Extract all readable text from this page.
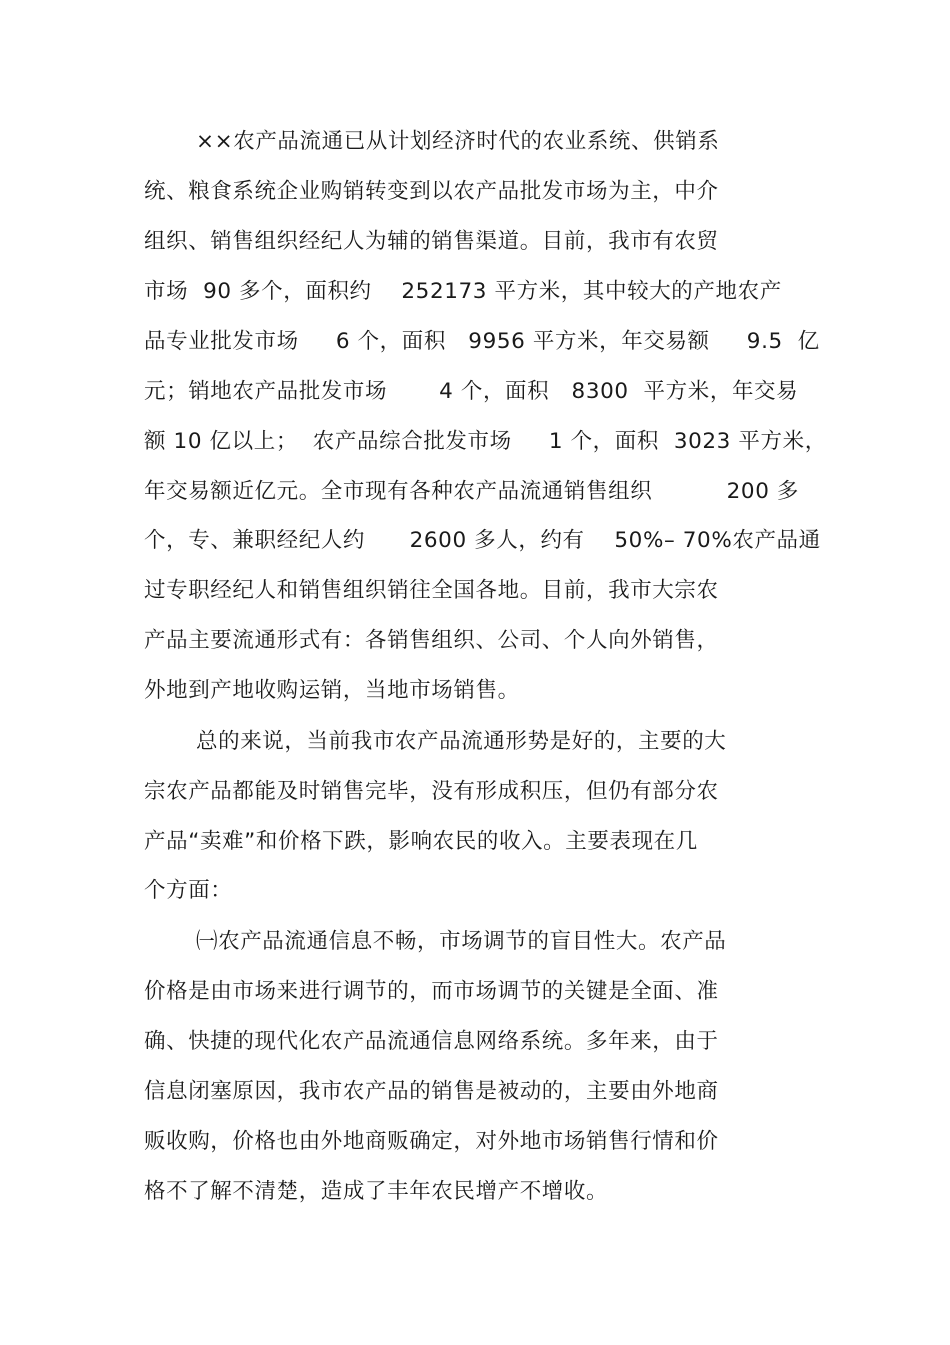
××农产品流通已从计划经济时代的农业系统、供销系
统、粮食系统企业购销转变到以农产品批发市场为主，中介
组织、销售组织经纪人为辅的销售渠道。目前，我市有农贸
市场  90 多个，面积约    252173 平方米，其中较大的产地农产
品专业批发市场     6 个，面积   9956 平方米，年交易额     9.5  亿
元；销地农产品批发市场       4 个，面积   8300  平方米，年交易
额 10 亿以上；  农产品综合批发市场     1 个，面积  3023 平方米，
年交易额近亿元。全市现有各种农产品流通销售组织          200 多
个，专、兼职经纪人约      2600 多人，约有    50%– 70%农产品通
过专职经纪人和销售组织销往全国各地。目前，我市大宗农
产品主要流通形式有：各销售组织、公司、个人向外销售，
外地到产地收购运销，当地市场销售。
总的来说，当前我市农产品流通形势是好的，主要的大
宗农产品都能及时销售完毕，没有形成积压，但仍有部分农
产品“卖难”和价格下跌，影响农民的收入。主要表现在几
个方面：
㈠农产品流通信息不畅，市场调节的盲目性大。农产品
价格是由市场来进行调节的，而市场调节的关键是全面、准
确、快捷的现代化农产品流通信息网络系统。多年来，由于
信息闭塞原因，我市农产品的销售是被动的，主要由外地商
贩收购，价格也由外地商贩确定，对外地市场销售行情和价
格不了解不清楚，造成了丰年农民增产不增收。
